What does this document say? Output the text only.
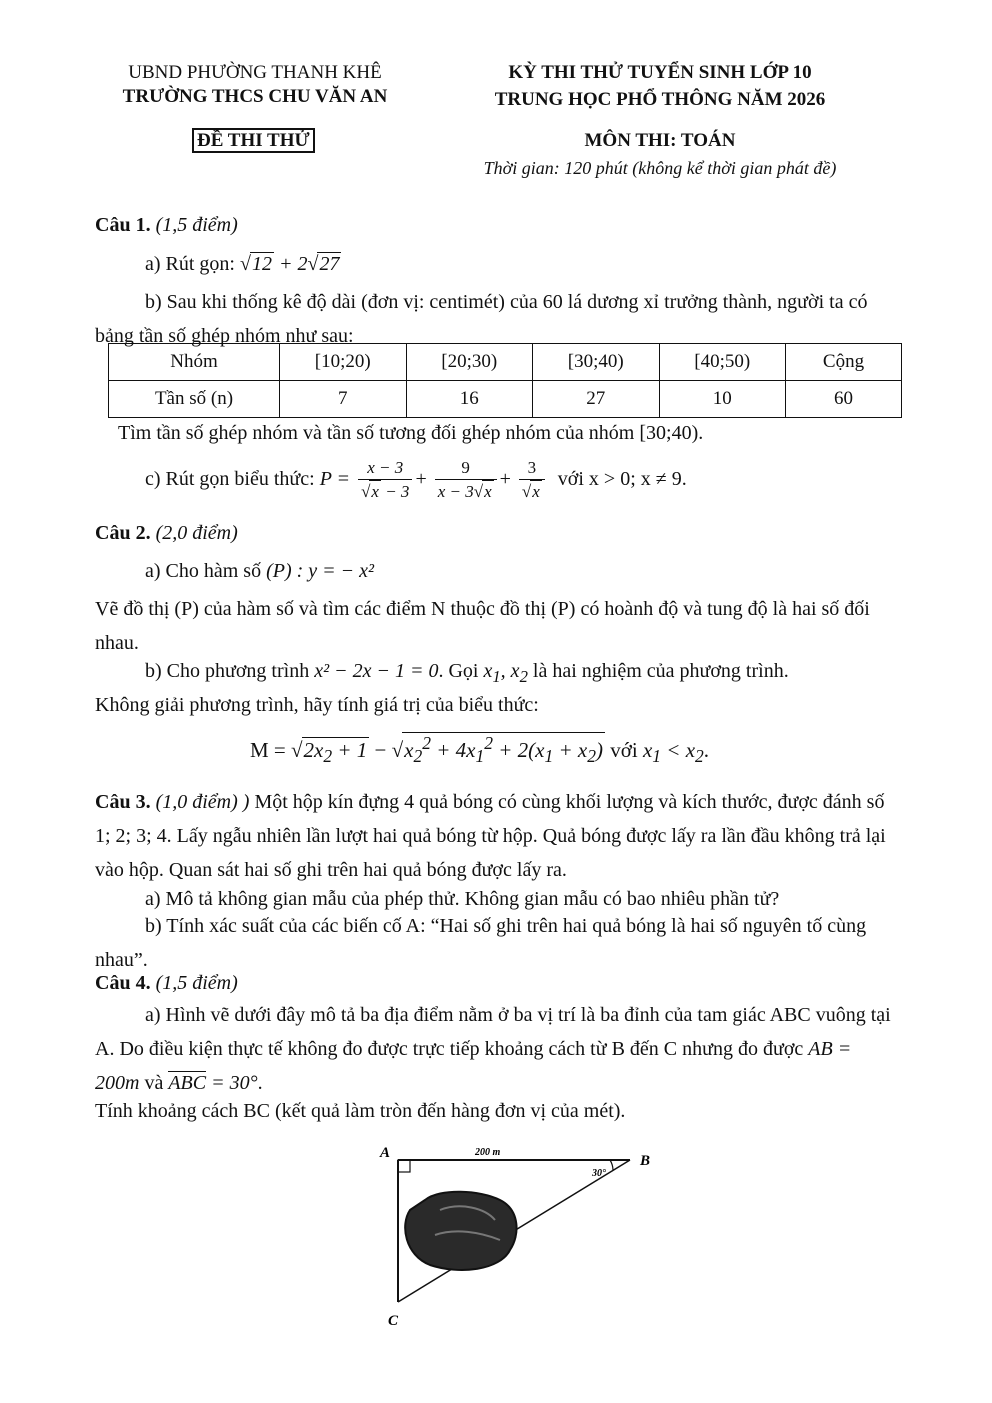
UBND PHƯỜNG THANH KHÊ
TRƯỜNG THCS CHU VĂN AN
ĐỀ THI THỬ
KỲ THI THỬ TUYỂN SINH LỚP 10
TRUNG HỌC PHỔ THÔNG NĂM 2026
MÔN THI: TOÁN
Thời gian: 120 phút (không kể thời gian phát đề)
Câu 1. (1,5 điểm)
a) Rút gọn: √12 + 2√27
b) Sau khi thống kê độ dài (đơn vị: centimét) của 60 lá dương xỉ trưởng thành, người ta có bảng tần số ghép nhóm như sau:
Nhóm	[10;20)	[20;30)	[30;40)	[40;50)	Cộng
Tần số (n)	7	16	27	10	60
Tìm tần số ghép nhóm và tần số tương đối ghép nhóm của nhóm [30;40).
c) Rút gọn biểu thức: $P = \frac{x - 3}{√x - 3} + \frac{9}{x - 3√x} + \frac{3}{√x}$ với x > 0; x ≠ 9.
Câu 2. (2,0 điểm)
a) Cho hàm số (P) : y = − x²
Vẽ đồ thị (P) của hàm số và tìm các điểm N thuộc đồ thị (P) có hoành độ và tung độ là hai số đối nhau.
b) Cho phương trình x² − 2x − 1 = 0. Gọi $x_1$, $x_2$ là hai nghiệm của phương trình.
Không giải phương trình, hãy tính giá trị của biểu thức:
$M = √2x_2 + 1 - √x_2^2 + 4x_1^2 + 2(x_1 + x_2)$ với $x_1 < x_2$.
Câu 3. (1,0 điểm) ) Một hộp kín đựng 4 quả bóng có cùng khối lượng và kích thước, được đánh số 1; 2; 3; 4. Lấy ngẫu nhiên lần lượt hai quả bóng từ hộp. Quả bóng được lấy ra lần đầu không trả lại vào hộp. Quan sát hai số ghi trên hai quả bóng được lấy ra.
a) Mô tả không gian mẫu của phép thử. Không gian mẫu có bao nhiêu phần tử?
b) Tính xác suất của các biến cố A: “Hai số ghi trên hai quả bóng là hai số nguyên tố cùng nhau”.
Câu 4. (1,5 điểm)
a) Hình vẽ dưới đây mô tả ba địa điểm nằm ở ba vị trí là ba đỉnh của tam giác ABC vuông tại A. Do điều kiện thực tế không đo được trực tiếp khoảng cách từ B đến C nhưng đo được AB = 200m và ABC = 30°.
Tính khoảng cách BC (kết quả làm tròn đến hàng đơn vị của mét).
A	B
C
200 m
30°
